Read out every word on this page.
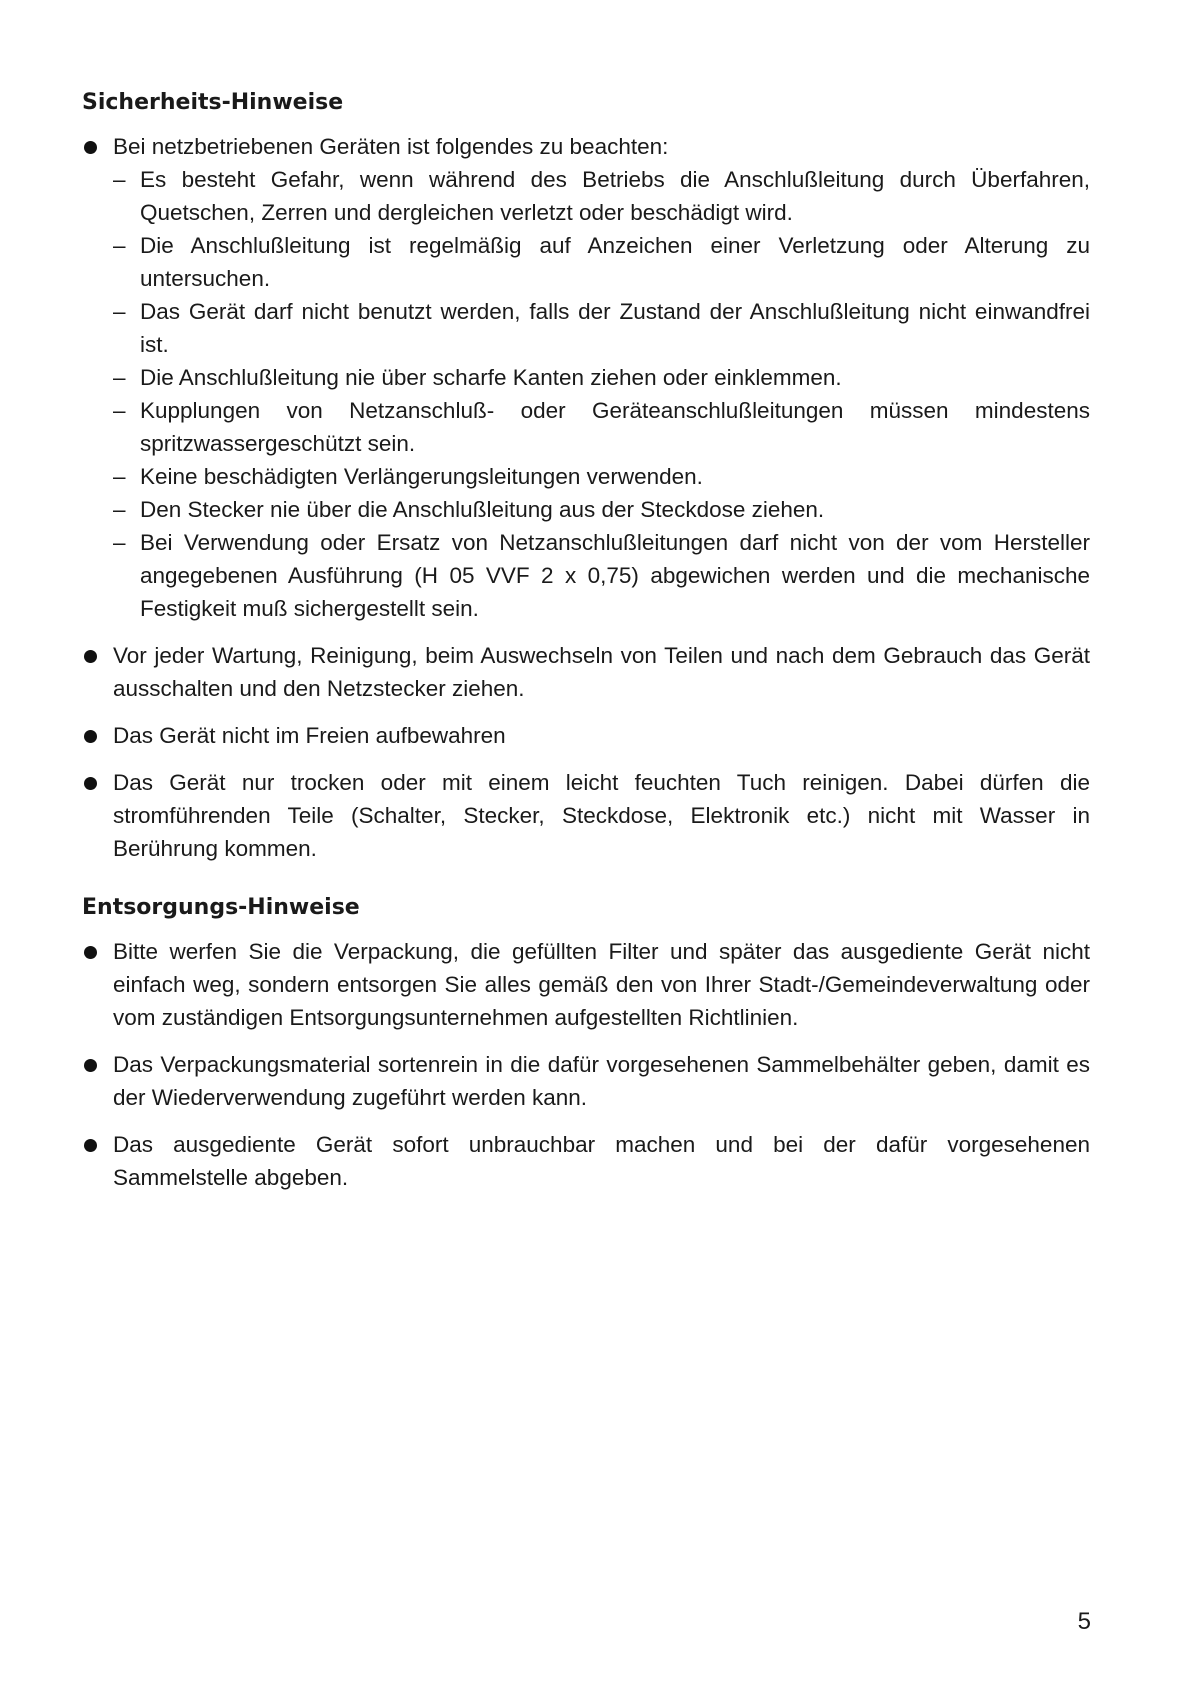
Sicherheits-Hinweise
Bei netzbetriebenen Geräten ist folgendes zu beachten:
– Es besteht Gefahr, wenn während des Betriebs die Anschlußleitung durch Überfahren, Quetschen, Zerren und dergleichen verletzt oder beschädigt wird.
– Die Anschlußleitung ist regelmäßig auf Anzeichen einer Verletzung oder Alterung zu untersuchen.
– Das Gerät darf nicht benutzt werden, falls der Zustand der Anschlußleitung nicht einwandfrei ist.
– Die Anschlußleitung nie über scharfe Kanten ziehen oder einklemmen.
– Kupplungen von Netzanschluß- oder Geräteanschlußleitungen müssen mindestens spritzwassergeschützt sein.
– Keine beschädigten Verlängerungsleitungen verwenden.
– Den Stecker nie über die Anschlußleitung aus der Steckdose ziehen.
– Bei Verwendung oder Ersatz von Netzanschlußleitungen darf nicht von der vom Hersteller angegebenen Ausführung (H 05 VVF 2 x 0,75) abgewichen werden und die mechanische Festigkeit muß sichergestellt sein.
Vor jeder Wartung, Reinigung, beim Auswechseln von Teilen und nach dem Gebrauch das Gerät ausschalten und den Netzstecker ziehen.
Das Gerät nicht im Freien aufbewahren
Das Gerät nur trocken oder mit einem leicht feuchten Tuch reinigen. Dabei dürfen die stromführenden Teile (Schalter, Stecker, Steckdose, Elektronik etc.) nicht mit Wasser in Berührung kommen.
Entsorgungs-Hinweise
Bitte werfen Sie die Verpackung, die gefüllten Filter und später das ausgediente Gerät nicht einfach weg, sondern entsorgen Sie alles gemäß den von Ihrer Stadt-/Gemeindeverwaltung oder vom zuständigen Entsorgungsunternehmen aufgestellten Richtlinien.
Das Verpackungsmaterial sortenrein in die dafür vorgesehenen Sammelbehälter geben, damit es der Wiederverwendung zugeführt werden kann.
Das ausgediente Gerät sofort unbrauchbar machen und bei der dafür vorgesehenen Sammelstelle abgeben.
5
